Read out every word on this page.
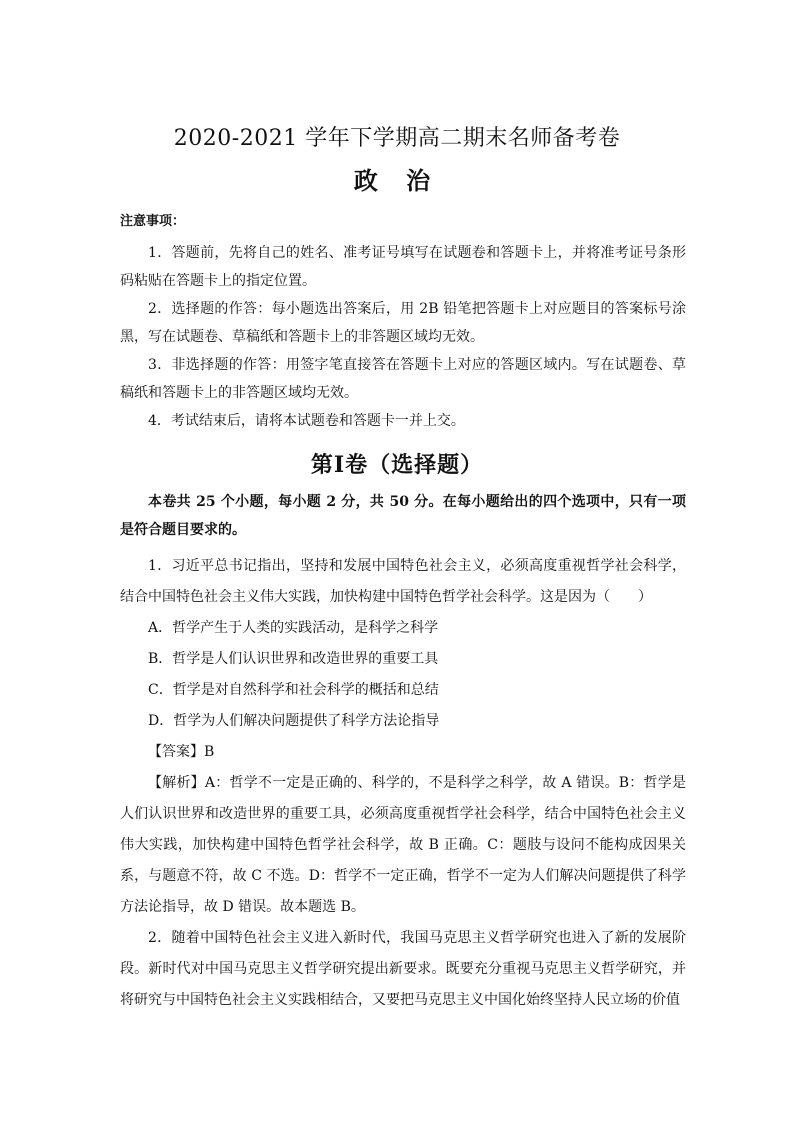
2020-2021 学年下学期高二期末名师备考卷
政 治
注意事项：

1．答题前，先将自己的姓名、准考证号填写在试题卷和答题卡上，并将准考证号条形码粘贴在答题卡上的指定位置。

2．选择题的作答：每小题选出答案后，用 2B 铅笔把答题卡上对应题目的答案标号涂黑，写在试题卷、草稿纸和答题卡上的非答题区域均无效。

3．非选择题的作答：用签字笔直接答在答题卡上对应的答题区域内。写在试题卷、草稿纸和答题卡上的非答题区域均无效。

4．考试结束后，请将本试题卷和答题卡一并上交。

第Ⅰ卷（选择题）

本卷共 25 个小题，每小题 2 分，共 50 分。在每小题给出的四个选项中，只有一项是符合题目要求的。

1．习近平总书记指出，坚持和发展中国特色社会主义，必须高度重视哲学社会科学，结合中国特色社会主义伟大实践，加快构建中国特色哲学社会科学。这是因为（　　）

A．哲学产生于人类的实践活动，是科学之科学
B．哲学是人们认识世界和改造世界的重要工具
C．哲学是对自然科学和社会科学的概括和总结
D．哲学为人们解决问题提供了科学方法论指导
【答案】B

【解析】A：哲学不一定是正确的、科学的，不是科学之科学，故 A 错误。B：哲学是人们认识世界和改造世界的重要工具，必须高度重视哲学社会科学，结合中国特色社会主义伟大实践，加快构建中国特色哲学社会科学，故 B 正确。C：题肢与设问不能构成因果关系，与题意不符，故 C 不选。D：哲学不一定正确，哲学不一定为人们解决问题提供了科学方法论指导，故 D 错误。故本题选 B。

2．随着中国特色社会主义进入新时代，我国马克思主义哲学研究也进入了新的发展阶段。新时代对中国马克思主义哲学研究提出新要求。既要充分重视马克思主义哲学研究，并将研究与中国特色社会主义实践相结合，又要把马克思主义中国化始终坚持人民立场的价值
